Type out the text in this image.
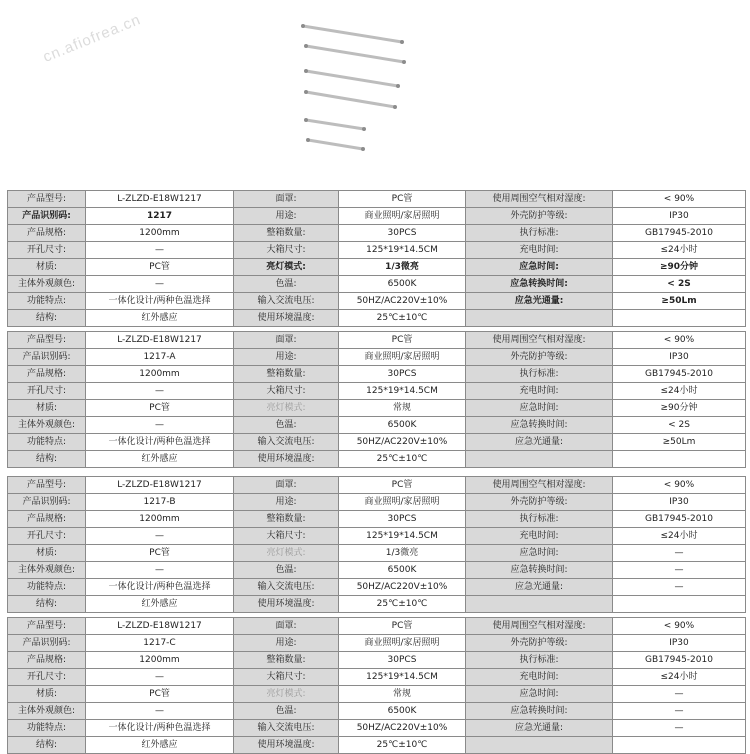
cn.afiofrea.cn
产品型号:	L-ZLZD-E18W1217	面罩:	PC管	使用周围空气相对湿度:	< 90%
产品识别码:	1217	用途:	商业照明/家居照明	外壳防护等级:	IP30
产品规格:	1200mm	整箱数量:	30PCS	执行标准:	GB17945-2010
开孔尺寸:	—	大箱尺寸:	125*19*14.5CM	充电时间:	≤24小时
材质:	PC管	亮灯模式:	1/3微亮	应急时间:	≥90分钟
主体外观颜色:	—	色温:	6500K	应急转换时间:	< 2S
功能特点:	一体化设计/两种色温选择	输入交流电压:	50HZ/AC220V±10%	应急光通量:	≥50Lm
结构:	红外感应	使用环境温度:	25℃±10℃		
产品型号:	L-ZLZD-E18W1217	面罩:	PC管	使用周围空气相对湿度:	< 90%
产品识别码:	1217-A	用途:	商业照明/家居照明	外壳防护等级:	IP30
产品规格:	1200mm	整箱数量:	30PCS	执行标准:	GB17945-2010
开孔尺寸:	—	大箱尺寸:	125*19*14.5CM	充电时间:	≤24小时
材质:	PC管	亮灯模式:	常规	应急时间:	≥90分钟
主体外观颜色:	—	色温:	6500K	应急转换时间:	< 2S
功能特点:	一体化设计/两种色温选择	输入交流电压:	50HZ/AC220V±10%	应急光通量:	≥50Lm
结构:	红外感应	使用环境温度:	25℃±10℃		
产品型号:	L-ZLZD-E18W1217	面罩:	PC管	使用周围空气相对湿度:	< 90%
产品识别码:	1217-B	用途:	商业照明/家居照明	外壳防护等级:	IP30
产品规格:	1200mm	整箱数量:	30PCS	执行标准:	GB17945-2010
开孔尺寸:	—	大箱尺寸:	125*19*14.5CM	充电时间:	≤24小时
材质:	PC管	亮灯模式:	1/3微亮	应急时间:	—
主体外观颜色:	—	色温:	6500K	应急转换时间:	—
功能特点:	一体化设计/两种色温选择	输入交流电压:	50HZ/AC220V±10%	应急光通量:	—
结构:	红外感应	使用环境温度:	25℃±10℃		
产品型号:	L-ZLZD-E18W1217	面罩:	PC管	使用周围空气相对湿度:	< 90%
产品识别码:	1217-C	用途:	商业照明/家居照明	外壳防护等级:	IP30
产品规格:	1200mm	整箱数量:	30PCS	执行标准:	GB17945-2010
开孔尺寸:	—	大箱尺寸:	125*19*14.5CM	充电时间:	≤24小时
材质:	PC管	亮灯模式:	常规	应急时间:	—
主体外观颜色:	—	色温:	6500K	应急转换时间:	—
功能特点:	一体化设计/两种色温选择	输入交流电压:	50HZ/AC220V±10%	应急光通量:	—
结构:	红外感应	使用环境温度:	25℃±10℃		
